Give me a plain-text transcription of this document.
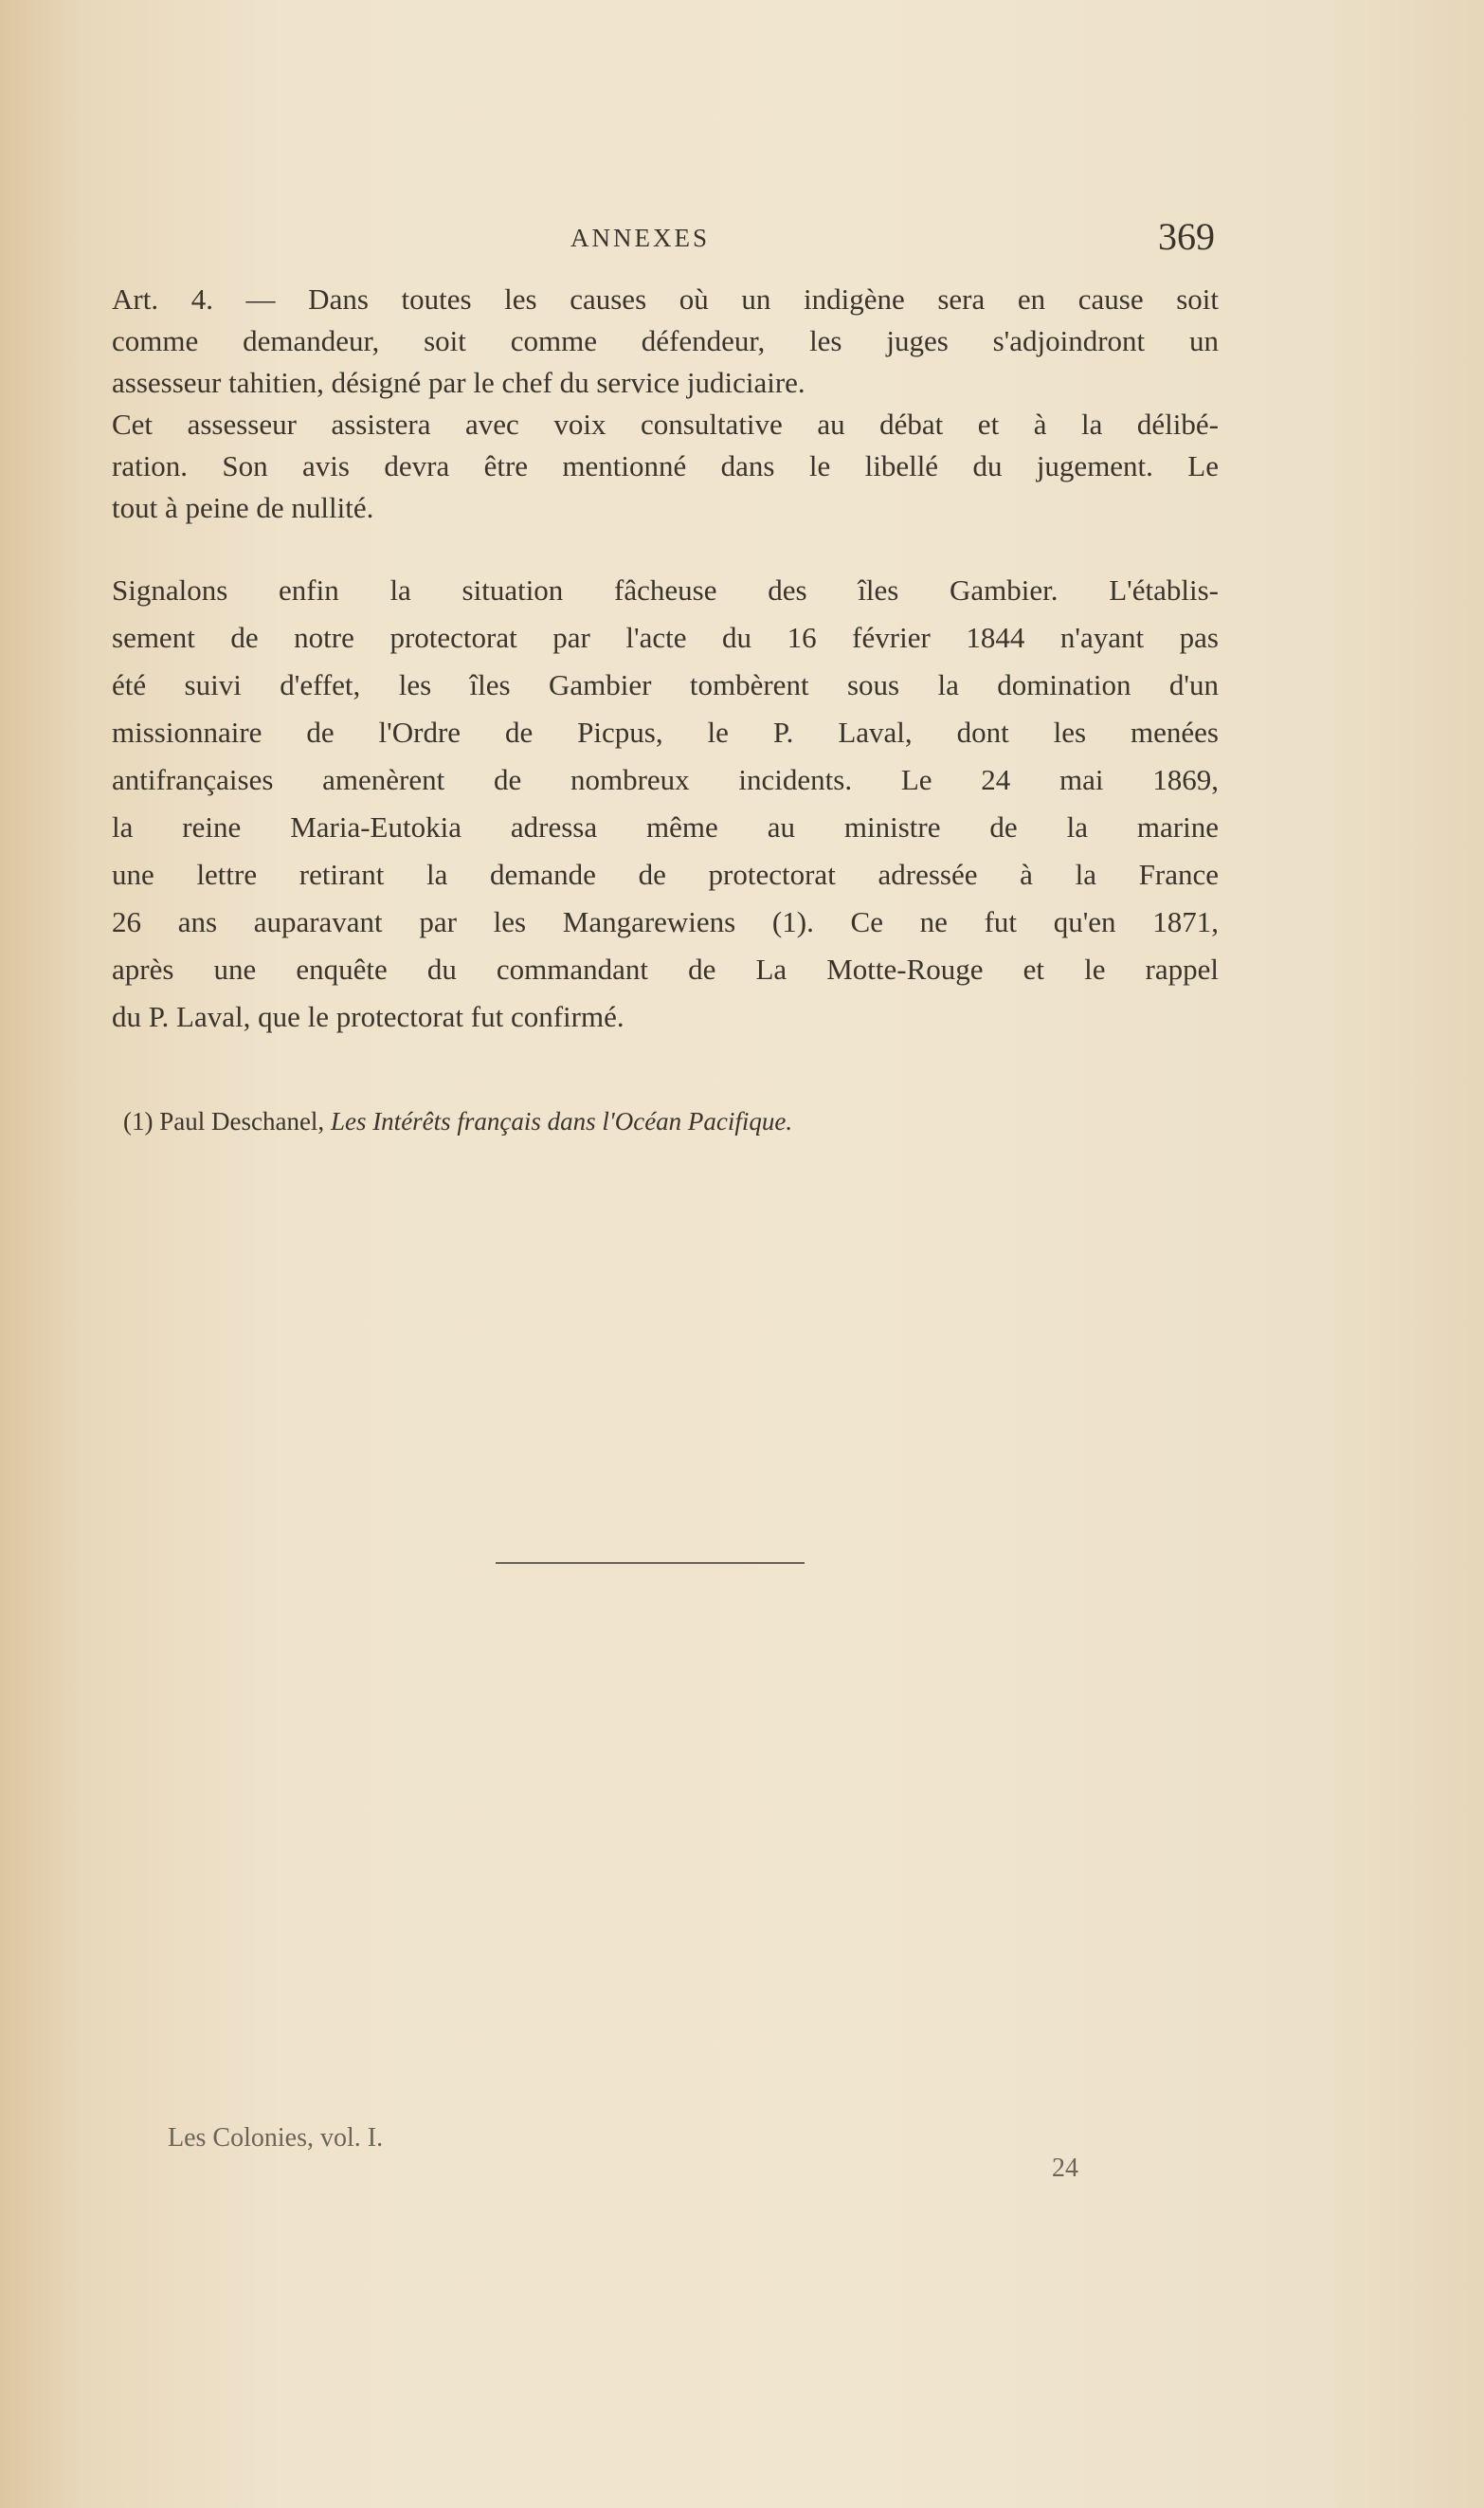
ANNEXES	369
Art. 4. — Dans toutes les causes où un indigène sera en cause soit
comme demandeur, soit comme défendeur, les juges s'adjoindront un
assesseur tahitien, désigné par le chef du service judiciaire.
Cet assesseur assistera avec voix consultative au débat et à la délibé-
ration. Son avis devra être mentionné dans le libellé du jugement. Le
tout à peine de nullité.
Signalons enfin la situation fâcheuse des îles Gambier. L'établis-
sement de notre protectorat par l'acte du 16 février 1844 n'ayant pas
été suivi d'effet, les îles Gambier tombèrent sous la domination d'un
missionnaire de l'Ordre de Picpus, le P. Laval, dont les menées
antifrançaises amenèrent de nombreux incidents. Le 24 mai 1869,
la reine Maria-Eutokia adressa même au ministre de la marine
une lettre retirant la demande de protectorat adressée à la France
26 ans auparavant par les Mangarewiens (1). Ce ne fut qu'en 1871,
après une enquête du commandant de La Motte-Rouge et le rappel
du P. Laval, que le protectorat fut confirmé.
(1) Paul Deschanel, Les Intérêts français dans l'Océan Pacifique.
Les Colonies, vol. I.
24
